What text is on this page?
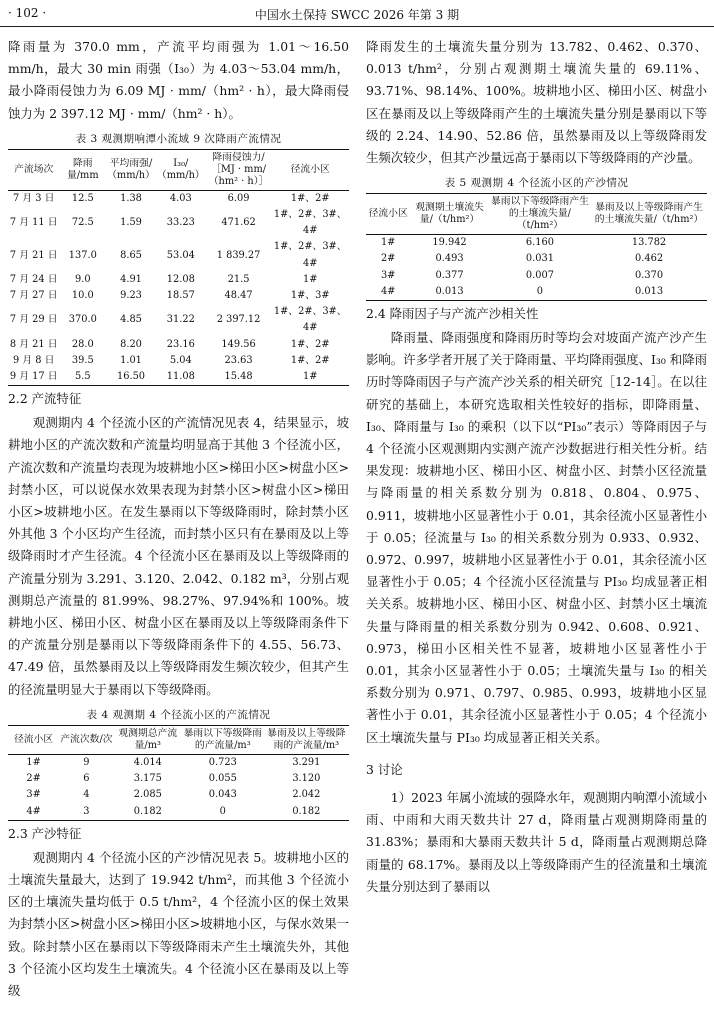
· 102 ·	中国水土保持 SWCC 2026 年第 3 期

降雨量为 370.0 mm，产流平均雨强为 1.01～16.50 mm/h，最大 30 min 雨强（I₃₀）为 4.03～53.04 mm/h，最小降雨侵蚀力为 6.09 MJ · mm/（hm² · h），最大降雨侵蚀力为 2 397.12 MJ · mm/（hm² · h）。

表 3 观测期响潭小流域 9 次降雨产流情况
产流场次	降雨量/mm	平均雨强/（mm/h）	I₃₀/（mm/h）	降雨侵蚀力/［MJ · mm/（hm² · h）］	径流小区
7 月 3 日	12.5	1.38	4.03	6.09	1#、2#
7 月 11 日	72.5	1.59	33.23	471.62	1#、2#、3#、4#
7 月 21 日	137.0	8.65	53.04	1 839.27	1#、2#、3#、4#
7 月 24 日	9.0	4.91	12.08	21.5	1#
7 月 27 日	10.0	9.23	18.57	48.47	1#、3#
7 月 29 日	370.0	4.85	31.22	2 397.12	1#、2#、3#、4#
8 月 21 日	28.0	8.20	23.16	149.56	1#、2#
9 月 8 日	39.5	1.01	5.04	23.63	1#、2#
9 月 17 日	5.5	16.50	11.08	15.48	1#
2.2 产流特征

观测期内 4 个径流小区的产流情况见表 4，结果显示，坡耕地小区的产流次数和产流量均明显高于其他 3 个径流小区，产流次数和产流量均表现为坡耕地小区>梯田小区>树盘小区>封禁小区，可以说保水效果表现为封禁小区>树盘小区>梯田小区>坡耕地小区。在发生暴雨以下等级降雨时，除封禁小区外其他 3 个小区均产生径流，而封禁小区只有在暴雨及以上等级降雨时才产生径流。4 个径流小区在暴雨及以上等级降雨的产流量分别为 3.291、3.120、2.042、0.182 m³，分别占观测期总产流量的 81.99%、98.27%、97.94%和 100%。坡耕地小区、梯田小区、树盘小区在暴雨及以上等级降雨条件下的产流量分别是暴雨以下等级降雨条件下的 4.55、56.73、47.49 倍，虽然暴雨及以上等级降雨发生频次较少，但其产生的径流量明显大于暴雨以下等级降雨。

表 4 观测期 4 个径流小区的产流情况
径流小区	产流次数/次	观测期总产流量/m³	暴雨以下等级降雨的产流量/m³	暴雨及以上等级降雨的产流量/m³
1#	9	4.014	0.723	3.291
2#	6	3.175	0.055	3.120
3#	4	2.085	0.043	2.042
4#	3	0.182	0	0.182
2.3 产沙特征

观测期内 4 个径流小区的产沙情况见表 5。坡耕地小区的土壤流失量最大，达到了 19.942 t/hm²，而其他 3 个径流小区的土壤流失量均低于 0.5 t/hm²，4 个径流小区的保土效果为封禁小区>树盘小区>梯田小区>坡耕地小区，与保水效果一致。除封禁小区在暴雨以下等级降雨未产生土壤流失外，其他 3 个径流小区均发生土壤流失。4 个径流小区在暴雨及以上等级

降雨发生的土壤流失量分别为 13.782、0.462、0.370、0.013 t/hm²，分别占观测期土壤流失量的 69.11%、93.71%、98.14%、100%。坡耕地小区、梯田小区、树盘小区在暴雨及以上等级降雨产生的土壤流失量分别是暴雨以下等级的 2.24、14.90、52.86 倍，虽然暴雨及以上等级降雨发生频次较少，但其产沙量远高于暴雨以下等级降雨的产沙量。

表 5 观测期 4 个径流小区的产沙情况
径流小区	观测期土壤流失量/（t/hm²）	暴雨以下等级降雨产生的土壤流失量/（t/hm²）	暴雨及以上等级降雨产生的土壤流失量/（t/hm²）
1#	19.942	6.160	13.782
2#	0.493	0.031	0.462
3#	0.377	0.007	0.370
4#	0.013	0	0.013
2.4 降雨因子与产流产沙相关性

降雨量、降雨强度和降雨历时等均会对坡面产流产沙产生影响。许多学者开展了关于降雨量、平均降雨强度、I₃₀ 和降雨历时等降雨因子与产流产沙关系的相关研究［12-14］。在以往研究的基础上，本研究选取相关性较好的指标，即降雨量、I₃₀、降雨量与 I₃₀ 的乘积（以下以“PI₃₀”表示）等降雨因子与 4 个径流小区观测期内实测产流产沙数据进行相关性分析。结果发现：坡耕地小区、梯田小区、树盘小区、封禁小区径流量与降雨量的相关系数分别为 0.818、0.804、0.975、0.911，坡耕地小区显著性小于 0.01，其余径流小区显著性小于 0.05；径流量与 I₃₀ 的相关系数分别为 0.933、0.932、0.972、0.997，坡耕地小区显著性小于 0.01，其余径流小区显著性小于 0.05；4 个径流小区径流量与 PI₃₀ 均成显著正相关关系。坡耕地小区、梯田小区、树盘小区、封禁小区土壤流失量与降雨量的相关系数分别为 0.942、0.608、0.921、0.973，梯田小区相关性不显著，坡耕地小区显著性小于 0.01，其余小区显著性小于 0.05；土壤流失量与 I₃₀ 的相关系数分别为 0.971、0.797、0.985、0.993，坡耕地小区显著性小于 0.01，其余径流小区显著性小于 0.05；4 个径流小区土壤流失量与 PI₃₀ 均成显著正相关关系。

3 讨论

1）2023 年属小流域的强降水年，观测期内响潭小流域小雨、中雨和大雨天数共计 27 d，降雨量占观测期降雨量的 31.83%；暴雨和大暴雨天数共计 5 d，降雨量占观测期总降雨量的 68.17%。暴雨及以上等级降雨产生的径流量和土壤流失量分别达到了暴雨以
